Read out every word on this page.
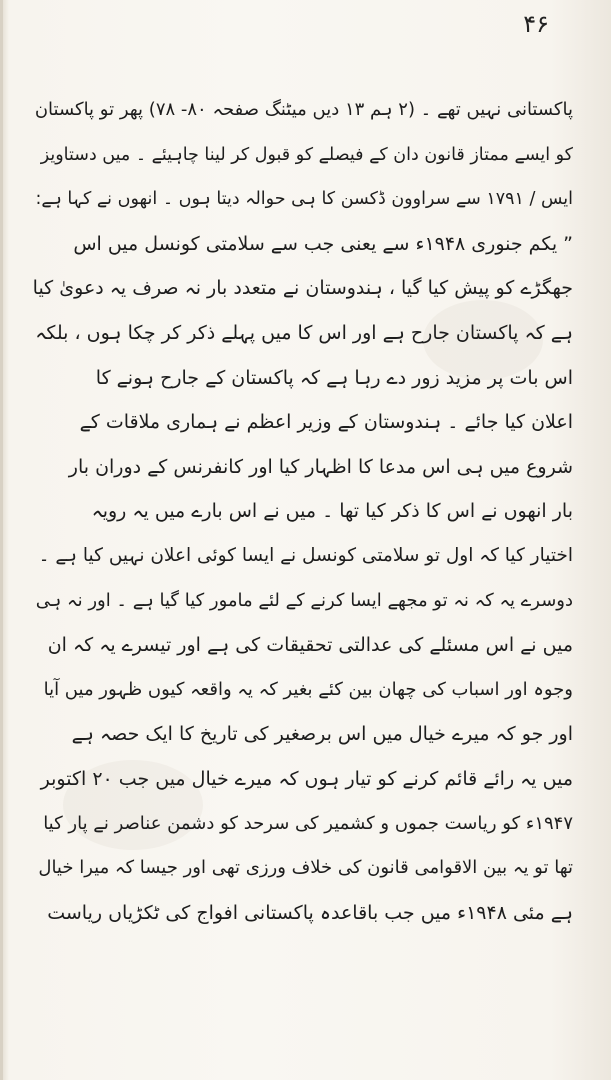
۴۶
پاکستانی نہیں تھے ۔ (۲ ہم ۱۳ دیں میٹنگ صفحہ ۸۰- ۷۸) پھر تو پاکستان
کو ایسے ممتاز قانون دان کے فیصلے کو قبول کر لینا چاہیئے ۔ میں دستاویز
ایس / ۱۷۹۱ سے سراوون ڈکسن کا ہی حوالہ دیتا ہوں ۔ انھوں نے کہا ہے:
” یکم جنوری ۱۹۴۸ء سے یعنی جب سے سلامتی کونسل میں اس
جھگڑے کو پیش کیا گیا ، ہندوستان نے متعدد بار نہ صرف یہ دعویٰ کیا
ہے کہ پاکستان جارح ہے اور اس کا میں پہلے ذکر کر چکا ہوں ، بلکہ
اس بات پر مزید زور دے رہا ہے کہ پاکستان کے جارح ہونے کا
اعلان کیا جائے ۔ ہندوستان کے وزیر اعظم نے ہماری ملاقات کے
شروع میں ہی اس مدعا کا اظہار کیا اور کانفرنس کے دوران بار
بار انھوں نے اس کا ذکر کیا تھا ۔ میں نے اس بارے میں یہ رویہ
اختیار کیا کہ اول تو سلامتی کونسل نے ایسا کوئی اعلان نہیں کیا ہے ۔
دوسرے یہ کہ نہ تو مجھے ایسا کرنے کے لئے مامور کیا گیا ہے ۔ اور نہ ہی
میں نے اس مسئلے کی عدالتی تحقیقات کی ہے اور تیسرے یہ کہ ان
وجوہ اور اسباب کی چھان بین کئے بغیر کہ یہ واقعہ کیوں ظہور میں آیا
اور جو کہ میرے خیال میں اس برصغیر کی تاریخ کا ایک حصہ ہے
میں یہ رائے قائم کرنے کو تیار ہوں کہ میرے خیال میں جب ۲۰ اکتوبر
۱۹۴۷ء کو ریاست جموں و کشمیر کی سرحد کو دشمن عناصر نے پار کیا
تھا تو یہ بین الاقوامی قانون کی خلاف ورزی تھی اور جیسا کہ میرا خیال
ہے مئی ۱۹۴۸ء میں جب باقاعدہ پاکستانی افواج کی ٹکڑیاں ریاست
